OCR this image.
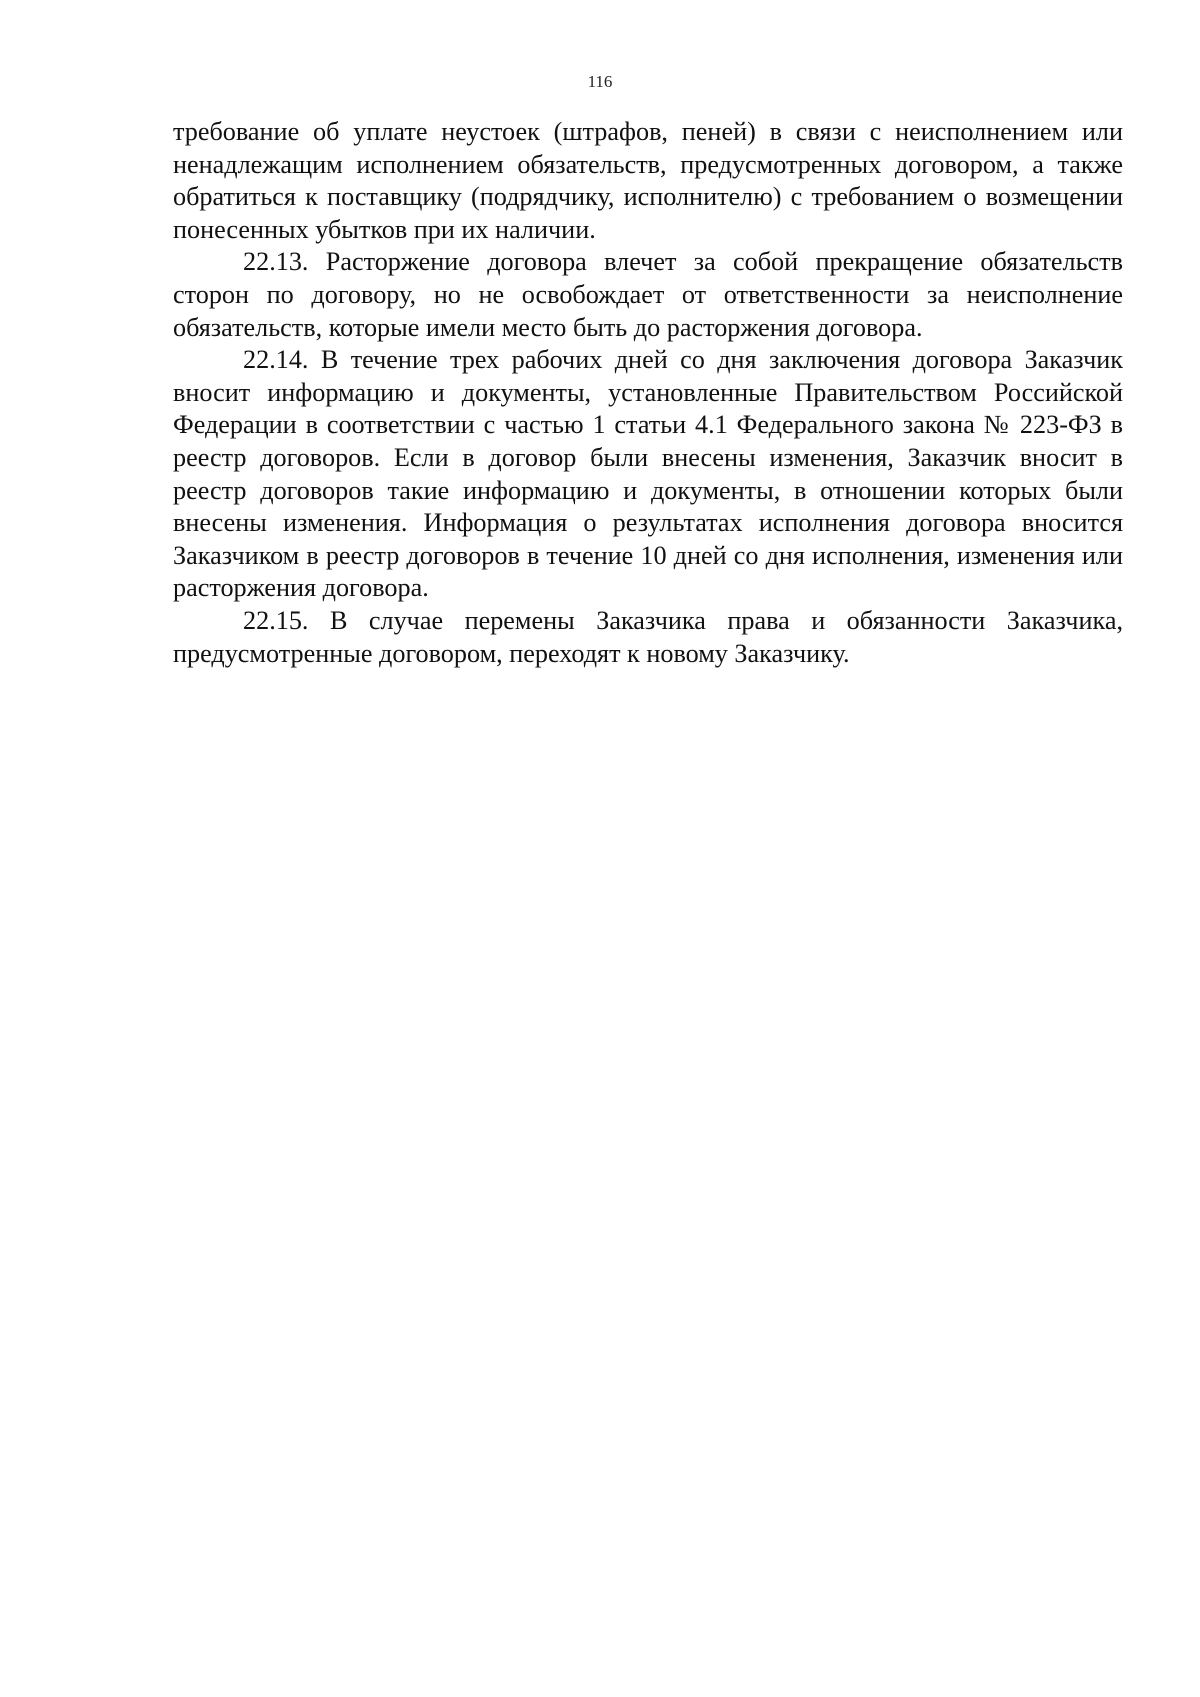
116

требование об уплате неустоек (штрафов, пеней) в связи с неисполнением или ненадлежащим исполнением обязательств, предусмотренных договором, а также обратиться к поставщику (подрядчику, исполнителю) с требованием о возмещении понесенных убытков при их наличии.

22.13. Расторжение договора влечет за собой прекращение обязательств сторон по договору, но не освобождает от ответственности за неисполнение обязательств, которые имели место быть до расторжения договора.

22.14. В течение трех рабочих дней со дня заключения договора Заказчик вносит информацию и документы, установленные Правительством Российской Федерации в соответствии с частью 1 статьи 4.1 Федерального закона № 223-ФЗ в реестр договоров. Если в договор были внесены изменения, Заказчик вносит в реестр договоров такие информацию и документы, в отношении которых были внесены изменения. Информация о результатах исполнения договора вносится Заказчиком в реестр договоров в течение 10 дней со дня исполнения, изменения или расторжения договора.

22.15. В случае перемены Заказчика права и обязанности Заказчика, предусмотренные договором, переходят к новому Заказчику.
